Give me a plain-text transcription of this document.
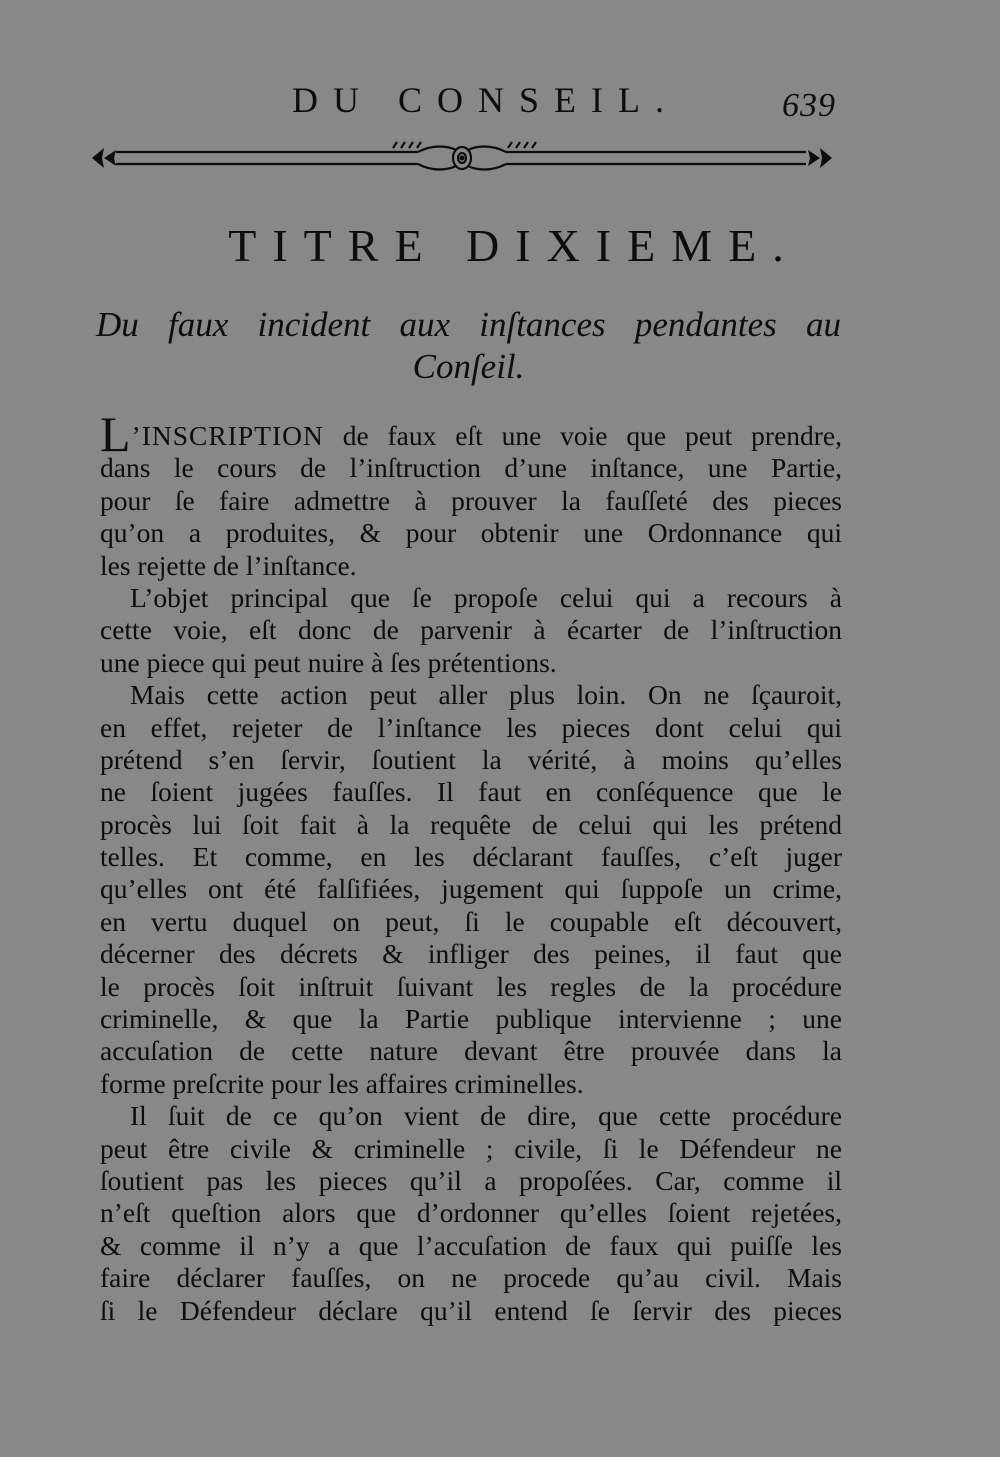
DU CONSEIL.	639
TITRE DIXIEME.
Du faux incident aux inſtances pendantes au
Conſeil.
L’INSCRIPTION de faux eſt une voie que peut prendre,
dans le cours de l’inſtruction d’une inſtance, une Partie,
pour ſe faire admettre à prouver la fauſſeté des pieces
qu’on a produites, & pour obtenir une Ordonnance qui
les rejette de l’inſtance.
L’objet principal que ſe propoſe celui qui a recours à
cette voie, eſt donc de parvenir à écarter de l’inſtruction
une piece qui peut nuire à ſes prétentions.
Mais cette action peut aller plus loin. On ne ſçauroit,
en effet, rejeter de l’inſtance les pieces dont celui qui
prétend s’en ſervir, ſoutient la vérité, à moins qu’elles
ne ſoient jugées fauſſes. Il faut en conſéquence que le
procès lui ſoit fait à la requête de celui qui les prétend
telles. Et comme, en les déclarant fauſſes, c’eſt juger
qu’elles ont été falſifiées, jugement qui ſuppoſe un crime,
en vertu duquel on peut, ſi le coupable eſt découvert,
décerner des décrets & infliger des peines, il faut que
le procès ſoit inſtruit ſuivant les regles de la procédure
criminelle, & que la Partie publique intervienne ; une
accuſation de cette nature devant être prouvée dans la
forme preſcrite pour les affaires criminelles.
Il ſuit de ce qu’on vient de dire, que cette procédure
peut être civile & criminelle ; civile, ſi le Défendeur ne
ſoutient pas les pieces qu’il a propoſées. Car, comme il
n’eſt queſtion alors que d’ordonner qu’elles ſoient rejetées,
& comme il n’y a que l’accuſation de faux qui puiſſe les
faire déclarer fauſſes, on ne procede qu’au civil. Mais
ſi le Défendeur déclare qu’il entend ſe ſervir des pieces
